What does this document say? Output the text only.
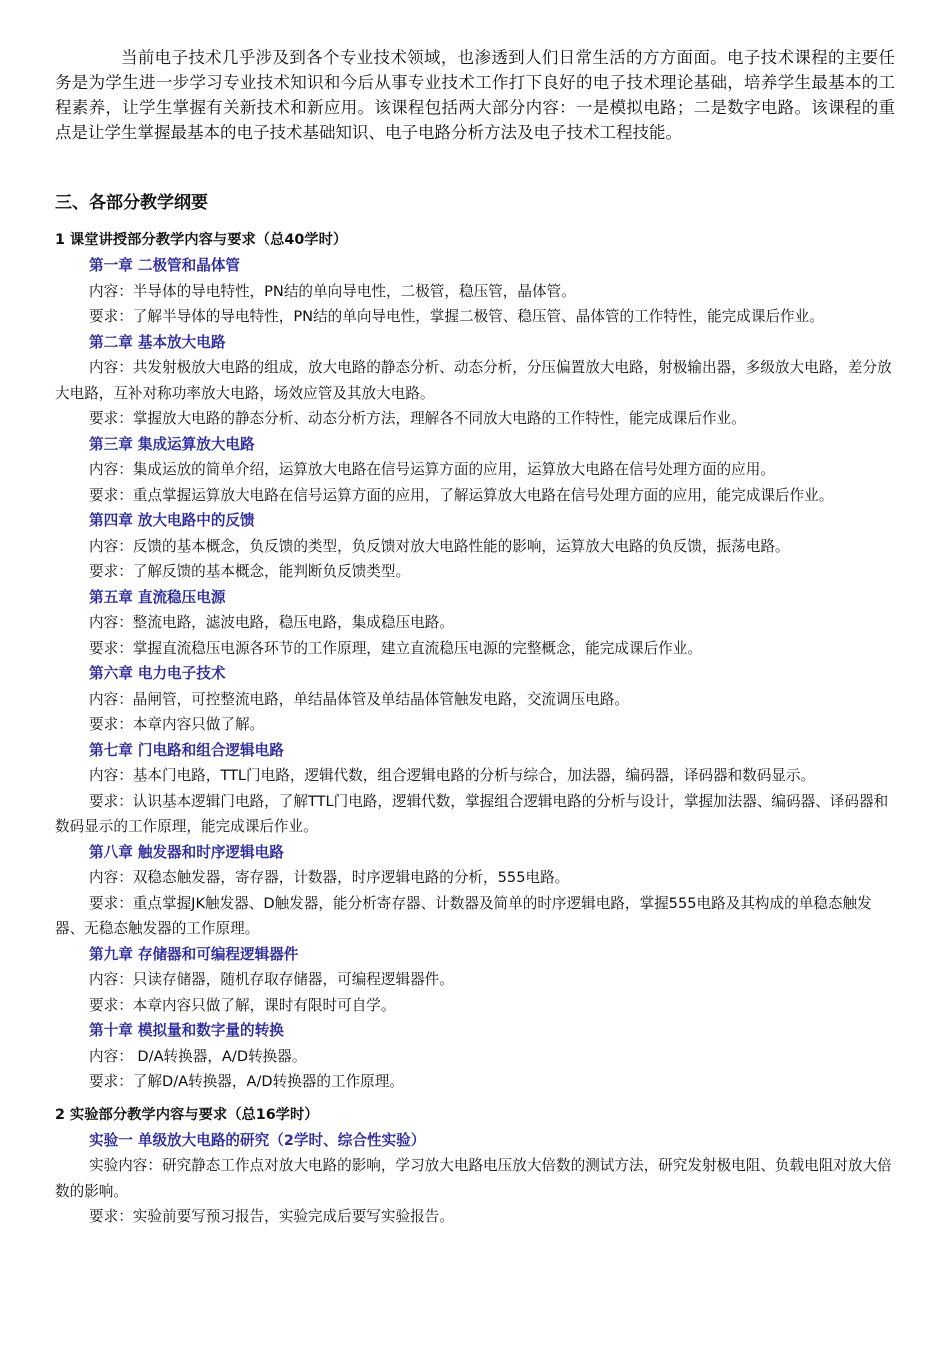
当前电子技术几乎涉及到各个专业技术领域，也渗透到人们日常生活的方方面面。电子技术课程的主要任务是为学生进一步学习专业技术知识和今后从事专业技术工作打下良好的电子技术理论基础，培养学生最基本的工程素养，让学生掌握有关新技术和新应用。该课程包括两大部分内容：一是模拟电路；二是数字电路。该课程的重点是让学生掌握最基本的电子技术基础知识、电子电路分析方法及电子技术工程技能。

三、各部分教学纲要

1 课堂讲授部分教学内容与要求（总40学时）

第一章 二极管和晶体管

内容：半导体的导电特性，PN结的单向导电性，二极管，稳压管，晶体管。

要求：了解半导体的导电特性，PN结的单向导电性，掌握二极管、稳压管、晶体管的工作特性，能完成课后作业。

第二章 基本放大电路

内容：共发射极放大电路的组成，放大电路的静态分析、动态分析，分压偏置放大电路，射极输出器，多级放大电路，差分放大电路，互补对称功率放大电路，场效应管及其放大电路。

要求：掌握放大电路的静态分析、动态分析方法，理解各不同放大电路的工作特性，能完成课后作业。

第三章 集成运算放大电路

内容：集成运放的简单介绍，运算放大电路在信号运算方面的应用，运算放大电路在信号处理方面的应用。

要求：重点掌握运算放大电路在信号运算方面的应用，了解运算放大电路在信号处理方面的应用，能完成课后作业。

第四章 放大电路中的反馈

内容：反馈的基本概念，负反馈的类型，负反馈对放大电路性能的影响，运算放大电路的负反馈，振荡电路。

要求：了解反馈的基本概念，能判断负反馈类型。

第五章 直流稳压电源

内容：整流电路，滤波电路，稳压电路，集成稳压电路。

要求：掌握直流稳压电源各环节的工作原理，建立直流稳压电源的完整概念，能完成课后作业。

第六章 电力电子技术

内容：晶闸管，可控整流电路，单结晶体管及单结晶体管触发电路，交流调压电路。

要求：本章内容只做了解。

第七章 门电路和组合逻辑电路

内容：基本门电路，TTL门电路，逻辑代数，组合逻辑电路的分析与综合，加法器，编码器，译码器和数码显示。

要求：认识基本逻辑门电路，了解TTL门电路，逻辑代数，掌握组合逻辑电路的分析与设计，掌握加法器、编码器、译码器和数码显示的工作原理，能完成课后作业。

第八章 触发器和时序逻辑电路

内容：双稳态触发器，寄存器，计数器，时序逻辑电路的分析，555电路。

要求：重点掌握JK触发器、D触发器，能分析寄存器、计数器及简单的时序逻辑电路，掌握555电路及其构成的单稳态触发器、无稳态触发器的工作原理。

第九章 存储器和可编程逻辑器件

内容：只读存储器，随机存取存储器，可编程逻辑器件。

要求：本章内容只做了解，课时有限时可自学。

第十章 模拟量和数字量的转换

内容： D/A转换器，A/D转换器。

要求：了解D/A转换器，A/D转换器的工作原理。

2 实验部分教学内容与要求（总16学时）

实验一 单级放大电路的研究（2学时、综合性实验）

实验内容：研究静态工作点对放大电路的影响，学习放大电路电压放大倍数的测试方法，研究发射极电阻、负载电阻对放大倍数的影响。

要求：实验前要写预习报告，实验完成后要写实验报告。
